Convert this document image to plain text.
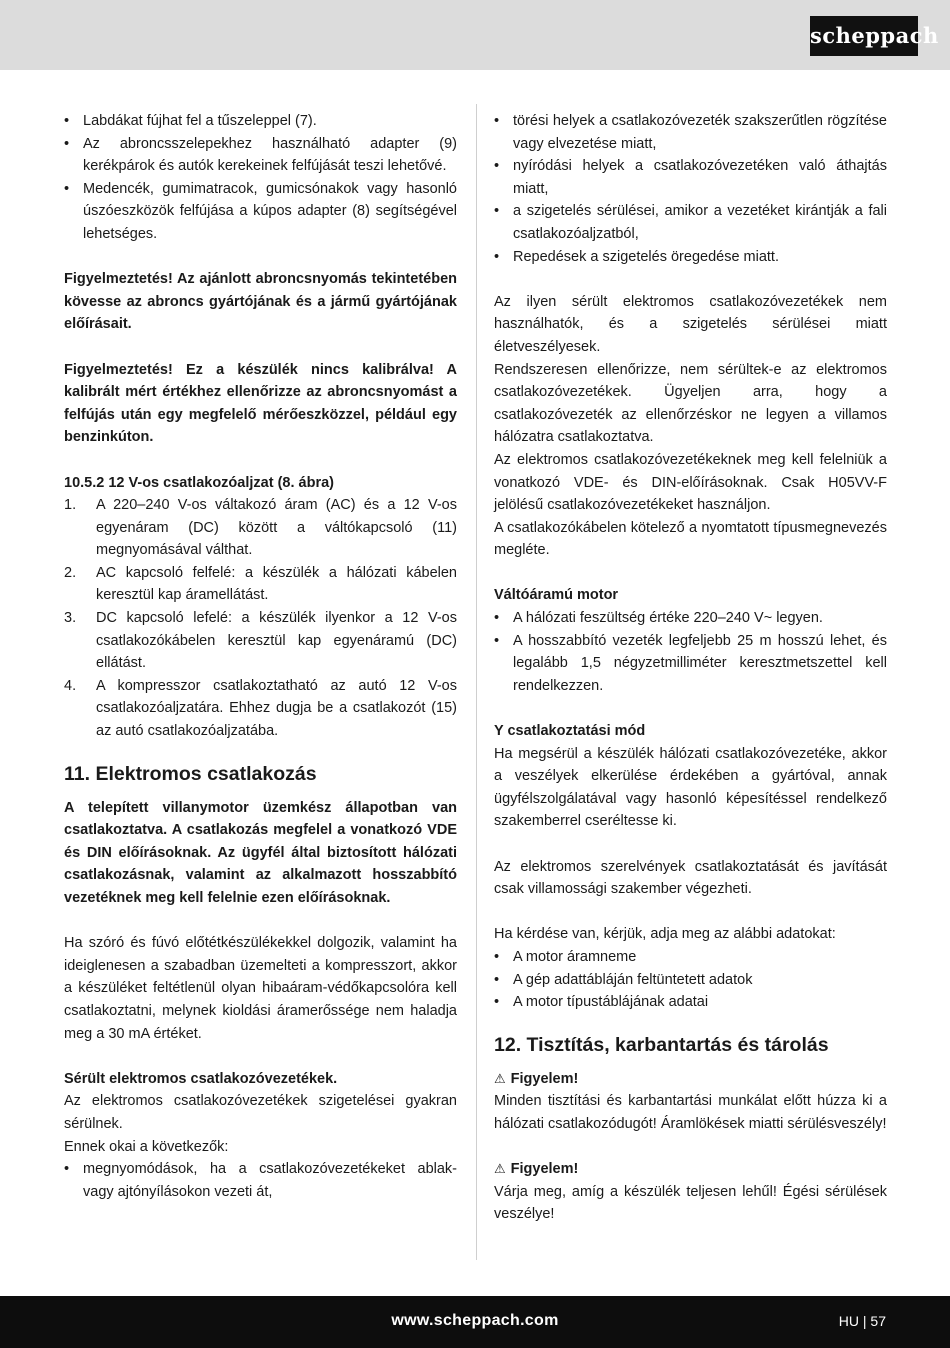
scheppach
• Labdákat fújhat fel a tűszeleppel (7).
• Az abroncsszelepekhez használható adapter (9) kerékpárok és autók kerekeinek felfújását teszi lehetővé.
• Medencék, gumimatracok, gumicsónakok vagy hasonló úszóeszközök felfújása a kúpos adapter (8) segítségével lehetséges.

Figyelmeztetés! Az ajánlott abroncsnyomás tekintetében kövesse az abroncs gyártójának és a jármű gyártójának előírásait.

Figyelmeztetés! Ez a készülék nincs kalibrálva! A kalibrált mért értékhez ellenőrizze az abroncsnyomást a felfújás után egy megfelelő mérőeszközzel, például egy benzinkúton.

10.5.2 12 V-os csatlakozóaljzat (8. ábra)

1. A 220–240 V-os váltakozó áram (AC) és a 12 V-os egyenáram (DC) között a váltókapcsoló (11) megnyomásával válthat.
2. AC kapcsoló felfelé: a készülék a hálózati kábelen keresztül kap áramellátást.
3. DC kapcsoló lefelé: a készülék ilyenkor a 12 V-os csatlakozókábelen keresztül kap egyenáramú (DC) ellátást.
4. A kompresszor csatlakoztatható az autó 12 V-os csatlakozóaljzatára. Ehhez dugja be a csatlakozót (15) az autó csatlakozóaljzatába.
11. Elektromos csatlakozás

A telepített villanymotor üzemkész állapotban van csatlakoztatva. A csatlakozás megfelel a vonatkozó VDE és DIN előírásoknak. Az ügyfél által biztosított hálózati csatlakozásnak, valamint az alkalmazott hosszabbító vezetéknek meg kell felelnie ezen előírásoknak.

Ha szóró és fúvó előtétkészülékekkel dolgozik, valamint ha ideiglenesen a szabadban üzemelteti a kompresszort, akkor a készüléket feltétlenül olyan hibaáram-védőkapcsolóra kell csatlakoztatni, melynek kioldási áramerőssége nem haladja meg a 30 mA értéket.

Sérült elektromos csatlakozóvezetékek.

Az elektromos csatlakozóvezetékek szigetelései gyakran sérülnek.

Ennek okai a következők:

• megnyomódások, ha a csatlakozóvezetékeket ablak- vagy ajtónyílásokon vezeti át,
• törési helyek a csatlakozóvezeték szakszerűtlen rögzítése vagy elvezetése miatt,
• nyíródási helyek a csatlakozóvezetéken való áthajtás miatt,
• a szigetelés sérülései, amikor a vezetéket kirántják a fali csatlakozóaljzatból,
• Repedések a szigetelés öregedése miatt.

Az ilyen sérült elektromos csatlakozóvezetékek nem használhatók, és a szigetelés sérülései miatt életveszélyesek.

Rendszeresen ellenőrizze, nem sérültek-e az elektromos csatlakozóvezetékek. Ügyeljen arra, hogy a csatlakozóvezeték az ellenőrzéskor ne legyen a villamos hálózatra csatlakoztatva.

Az elektromos csatlakozóvezetékeknek meg kell felelniük a vonatkozó VDE- és DIN-előírásoknak. Csak H05VV-F jelölésű csatlakozóvezetékeket használjon.

A csatlakozókábelen kötelező a nyomtatott típusmegnevezés megléte.

Váltóáramú motor

• A hálózati feszültség értéke 220–240 V~ legyen.
• A hosszabbító vezeték legfeljebb 25 m hosszú lehet, és legalább 1,5 négyzetmilliméter keresztmetszettel kell rendelkezzen.

Y csatlakoztatási mód

Ha megsérül a készülék hálózati csatlakozóvezetéke, akkor a veszélyek elkerülése érdekében a gyártóval, annak ügyfélszolgálatával vagy hasonló képesítéssel rendelkező szakemberrel cseréltesse ki.

Az elektromos szerelvények csatlakoztatását és javítását csak villamossági szakember végezheti.

Ha kérdése van, kérjük, adja meg az alábbi adatokat:

• A motor áramneme
• A gép adattábláján feltüntetett adatok
• A motor típustáblájának adatai
12. Tisztítás, karbantartás és tárolás

⚠ Figyelem!

Minden tisztítási és karbantartási munkálat előtt húzza ki a hálózati csatlakozódugót! Áramlökések miatti sérülésveszély!

⚠ Figyelem!

Várja meg, amíg a készülék teljesen lehűl! Égési sérülések veszélye!

www.scheppach.com	HU | 57
